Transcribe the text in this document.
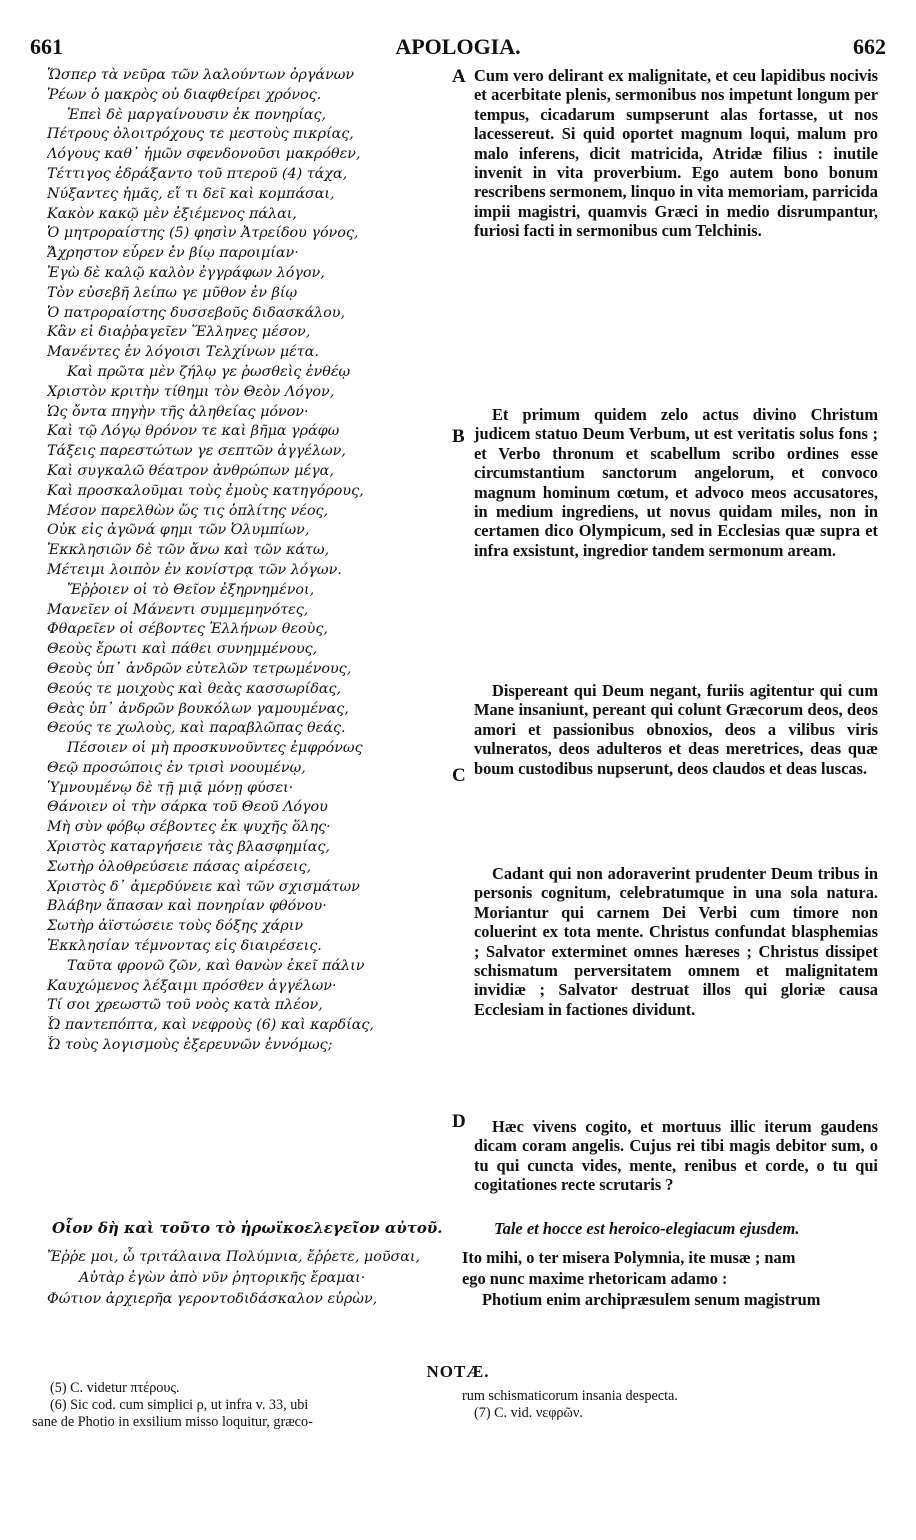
661	APOLOGIA.	662
Ὥσπερ τὰ νεῦρα τῶν λαλούντων ὀργάνων
Ῥέων ὁ μακρὸς οὐ διαφθείρει χρόνος.
Ἐπεὶ δὲ μαργαίνουσιν ἐκ πονηρίας,
Πέτρους ὀλοιτρόχους τε μεστοὺς πικρίας,
Λόγους καθ᾽ ἡμῶν σφενδονοῦσι μακρόθεν,
Τέττιγος ἐδράξαντο τοῦ πτεροῦ (4) τάχα,
Νύξαντες ἡμᾶς, εἴ τι δεῖ καὶ κομπάσαι,
Κακὸν κακῷ μὲν ἐξιέμενος πάλαι,
Ὁ μητροραίστης (5) φησὶν Ἀτρείδου γόνος,
Ἄχρηστον εὗρεν ἐν βίῳ παροιμίαν·
Ἐγὼ δὲ καλῷ καλὸν ἐγγράφων λόγον,
Τὸν εὐσεβῆ λείπω γε μῦθον ἐν βίῳ
Ὁ πατροραίστης δυσσεβοῦς διδασκάλου,
Κἂν εἰ διαῤῥαγεῖεν Ἕλληνες μέσον,
Μανέντες ἐν λόγοισι Τελχίνων μέτα.
Καὶ πρῶτα μὲν ζήλῳ γε ῥωσθεὶς ἐνθέῳ
Χριστὸν κριτὴν τίθημι τὸν Θεὸν Λόγον,
Ὡς ὄντα πηγὴν τῆς ἀληθείας μόνον·
Καὶ τῷ Λόγῳ θρόνον τε καὶ βῆμα γράφω
Τάξεις παρεστώτων γε σεπτῶν ἀγγέλων,
Καὶ συγκαλῶ θέατρον ἀνθρώπων μέγα,
Καὶ προσκαλοῦμαι τοὺς ἐμοὺς κατηγόρους,
Μέσον παρελθὼν ὥς τις ὁπλίτης νέος,
Οὐκ εἰς ἀγῶνά φημι τῶν Ὀλυμπίων,
Ἐκκλησιῶν δὲ τῶν ἄνω καὶ τῶν κάτω,
Μέτειμι λοιπὸν ἐν κονίστρᾳ τῶν λόγων.
Ἔῤῥοιεν οἱ τὸ Θεῖον ἐξηρνημένοι,
Μανεῖεν οἱ Μάνεντι συμμεμηνότες,
Φθαρεῖεν οἱ σέβοντες Ἑλλήνων θεοὺς,
Θεοὺς ἔρωτι καὶ πάθει συνημμένους,
Θεοὺς ὑπ᾽ ἀνδρῶν εὐτελῶν τετρωμένους,
Θεούς τε μοιχοὺς καὶ θεὰς κασσωρίδας,
Θεὰς ὑπ᾽ ἀνδρῶν βουκόλων γαμουμένας,
Θεούς τε χωλοὺς, καὶ παραβλῶπας θεάς.
Πέσοιεν οἱ μὴ προσκυνοῦντες ἐμφρόνως
Θεῷ προσώποις ἐν τρισὶ νοουμένῳ,
Ὑμνουμένῳ δὲ τῇ μιᾷ μόνῃ φύσει·
Θάνοιεν οἱ τὴν σάρκα τοῦ Θεοῦ Λόγου
Μὴ σὺν φόβῳ σέβοντες ἐκ ψυχῆς ὅλης·
Χριστὸς καταργήσειε τὰς βλασφημίας,
Σωτὴρ ὀλοθρεύσειε πάσας αἱρέσεις,
Χριστὸς δ᾽ ἀμερδύνειε καὶ τῶν σχισμάτων
Βλάβην ἅπασαν καὶ πονηρίαν φθόνου·
Σωτὴρ ἀϊστώσειε τοὺς δόξης χάριν
Ἐκκλησίαν τέμνοντας εἰς διαιρέσεις.
Ταῦτα φρονῶ ζῶν, καὶ θανὼν ἐκεῖ πάλιν
Καυχώμενος λέξαιμι πρόσθεν ἀγγέλων·
Τί σοι χρεωστῶ τοῦ νοὸς κατὰ πλέον,
Ὦ παντεπόπτα, καὶ νεφροὺς (6) καὶ καρδίας,
Ὦ τοὺς λογισμοὺς ἐξερευνῶν ἐννόμως;
A Cum vero delirant ex malignitate, et ceu lapidibus nocivis et acerbitate plenis, sermonibus nos impetunt longum per tempus, cicadarum sumpserunt alas fortasse, ut nos lacessereut. Si quid oportet magnum loqui, malum pro malo inferens, dicit matricida, Atridæ filius : inutile invenit in vita proverbium. Ego autem bono bonum rescribens sermonem, linquo in vita memoriam, parricida impii magistri, quamvis Græci in medio disrumpantur, furiosi facti in sermonibus cum Telchinis.

B

Et primum quidem zelo actus divino Christum judicem statuo Deum Verbum, ut est veritatis solus fons ; et Verbo thronum et scabellum scribo ordines esse circumstantium sanctorum angelorum, et convoco magnum hominum cœtum, et advoco meos accusatores, in medium ingrediens, ut novus quidam miles, non in certamen dico Olympicum, sed in Ecclesias quæ supra et infra exsistunt, ingredior tandem sermonum aream.

C

Dispereant qui Deum negant, furiis agitentur qui cum Mane insaniunt, pereant qui colunt Græcorum deos, deos amori et passionibus obnoxios, deos a vilibus viris vulneratos, deos adulteros et deas meretrices, deas quæ boum custodibus nupserunt, deos claudos et deas luscas.

Cadant qui non adoraverint prudenter Deum tribus in personis cognitum, celebratumque in una sola natura. Moriantur qui carnem Dei Verbi cum timore non coluerint ex tota mente. Christus confundat blasphemias ; Salvator exterminet omnes hæreses ; Christus dissipet schismatum perversitatem omnem et malignitatem invidiæ ; Salvator destruat illos qui gloriæ causa Ecclesiam in factiones dividunt.

D	Hæc vivens cogito, et mortuus illic iterum gaudens dicam coram angelis. Cujus rei tibi magis debitor sum, o tu qui cuncta vides, mente, renibus et corde, o tu qui cogitationes recte scrutaris ?

Οἷον δὴ καὶ τοῦτο τὸ ἡρωϊκοελεγεῖον αὐτοῦ.	Tale et hocce est heroico-elegiacum ejusdem.
Ἔῤῥε μοι, ὦ τριτάλαινα Πολύμνια, ἔῤῥετε, μοῦσαι,
Αὐτὰρ ἐγὼν ἀπὸ νῦν ῥητορικῆς ἔραμαι·
Φώτιον ἀρχιερῆα γεροντοδιδάσκαλον εὑρὼν,
Ito mihi, o ter misera Polymnia, ite musæ ; nam
ego nunc maxime rhetoricam adamo :
Photium enim archipræsulem senum magistrum
NOTÆ.
(5) C. videtur πτέρους.
(6) Sic cod. cum simplici ρ, ut infra v. 33, ubi
sane de Photio in exsilium misso loquitur, græco-
rum schismaticorum insania despecta.
(7) C. vid. νεφρῶν.
